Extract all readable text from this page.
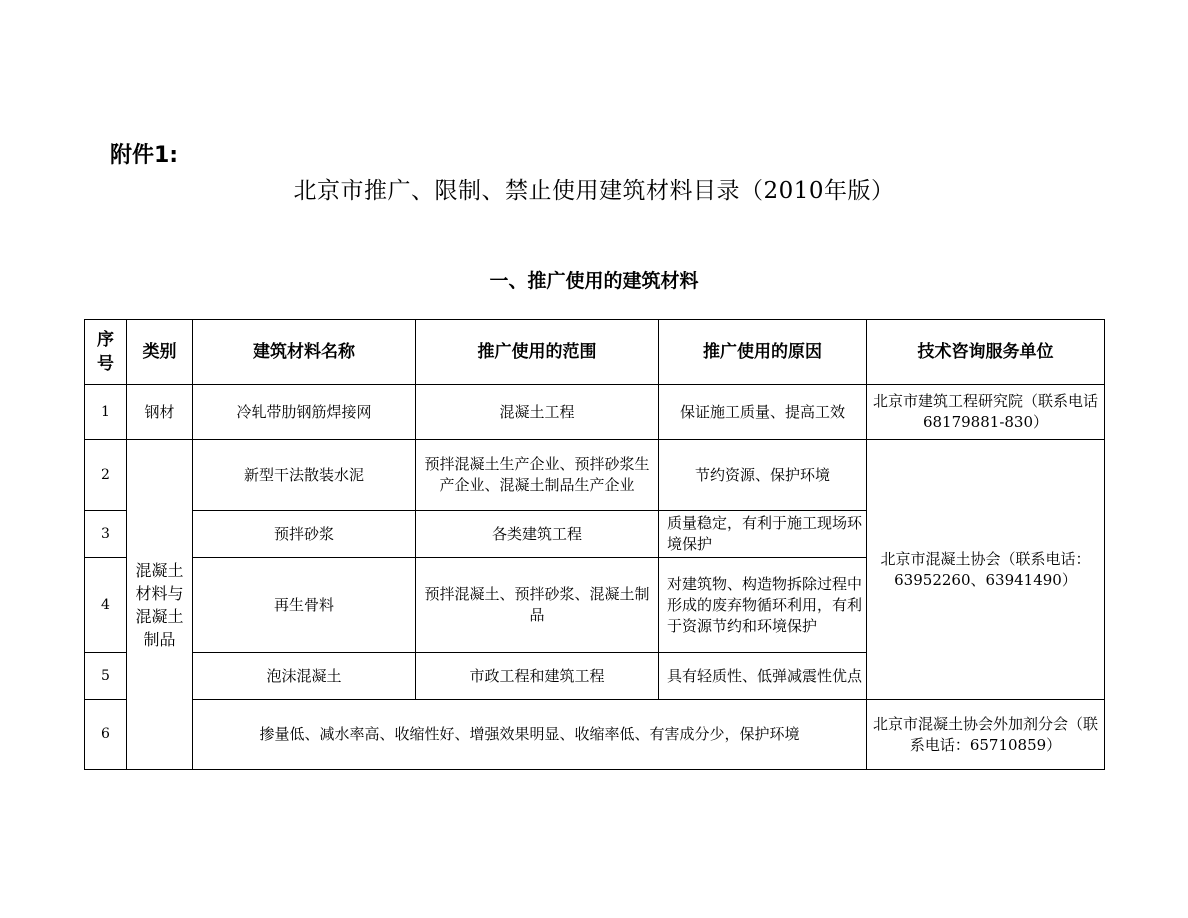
附件1:
北京市推广、限制、禁止使用建筑材料目录（2010年版）
一、推广使用的建筑材料
序号	类别	建筑材料名称	推广使用的范围	推广使用的原因	技术咨询服务单位
1	钢材	冷轧带肋钢筋焊接网	混凝土工程	保证施工质量、提高工效	北京市建筑工程研究院（联系电话 68179881-830）
2	混凝土材料与混凝土制品	新型干法散装水泥	预拌混凝土生产企业、预拌砂浆生产企业、混凝土制品生产企业	节约资源、保护环境	北京市混凝土协会（联系电话：63952260、63941490）
3		预拌砂浆	各类建筑工程	质量稳定，有利于施工现场环境保护	
4		再生骨料	预拌混凝土、预拌砂浆、混凝土制品	对建筑物、构造物拆除过程中形成的废弃物循环利用，有利于资源节约和环境保护	
5		泡沫混凝土	市政工程和建筑工程	具有轻质性、低弹减震性优点	
6		掺量低、减水率高、收缩性好、增强效果明显、收缩率低、有害成分少，保护环境			北京市混凝土协会外加剂分会（联系电话：65710859）
